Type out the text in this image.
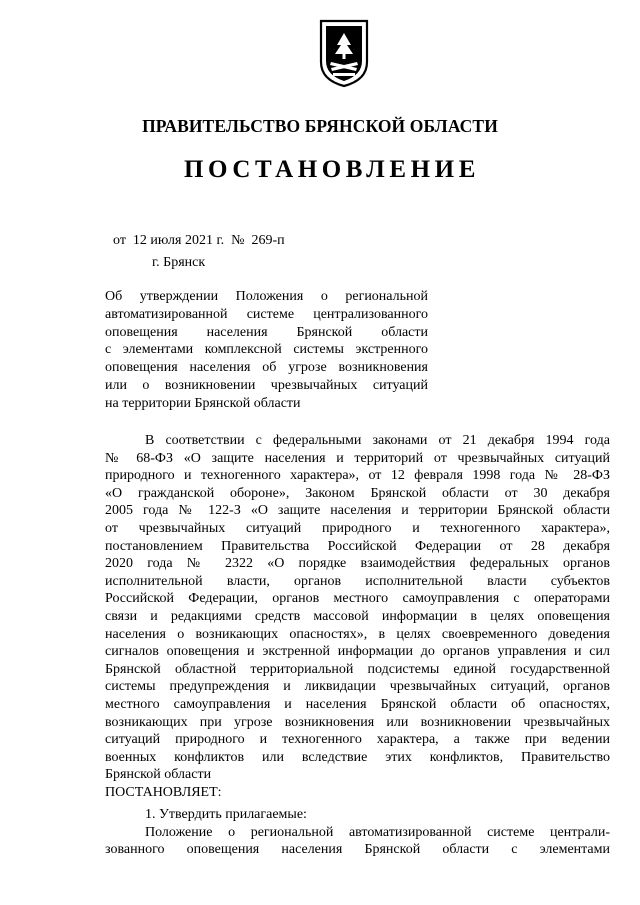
ПРАВИТЕЛЬСТВО БРЯНСКОЙ ОБЛАСТИ
ПОСТАНОВЛЕНИЕ
от  12 июля 2021 г.  №  269-п
г. Брянск
Об утверждении Положения о региональной
автоматизированной системе централизованного
оповещения населения Брянской области
с элементами комплексной системы экстренного
оповещения населения об угрозе возникновения
или о возникновении чрезвычайных ситуаций
на территории Брянской области
В соответствии с федеральными законами от 21 декабря 1994 года
№ 68-ФЗ «О защите населения и территорий от чрезвычайных ситуаций
природного и техногенного характера», от 12 февраля 1998 года № 28-ФЗ
«О гражданской обороне», Законом Брянской области от 30 декабря
2005 года № 122-З «О защите населения и территории Брянской области
от чрезвычайных ситуаций природного и техногенного характера»,
постановлением Правительства Российской Федерации от 28 декабря
2020 года № 2322 «О порядке взаимодействия федеральных органов
исполнительной власти, органов исполнительной власти субъектов
Российской Федерации, органов местного самоуправления с операторами
связи и редакциями средств массовой информации в целях оповещения
населения о возникающих опасностях», в целях своевременного доведения
сигналов оповещения и экстренной информации до органов управления и сил
Брянской областной территориальной подсистемы единой государственной
системы предупреждения и ликвидации чрезвычайных ситуаций, органов
местного самоуправления и населения Брянской области об опасностях,
возникающих при угрозе возникновения или возникновении чрезвычайных
ситуаций природного и техногенного характера, а также при ведении
военных конфликтов или вследствие этих конфликтов, Правительство
Брянской области
ПОСТАНОВЛЯЕТ:
1. Утвердить прилагаемые:
Положение о региональной автоматизированной системе централи-
зованного оповещения населения Брянской области с элементами
